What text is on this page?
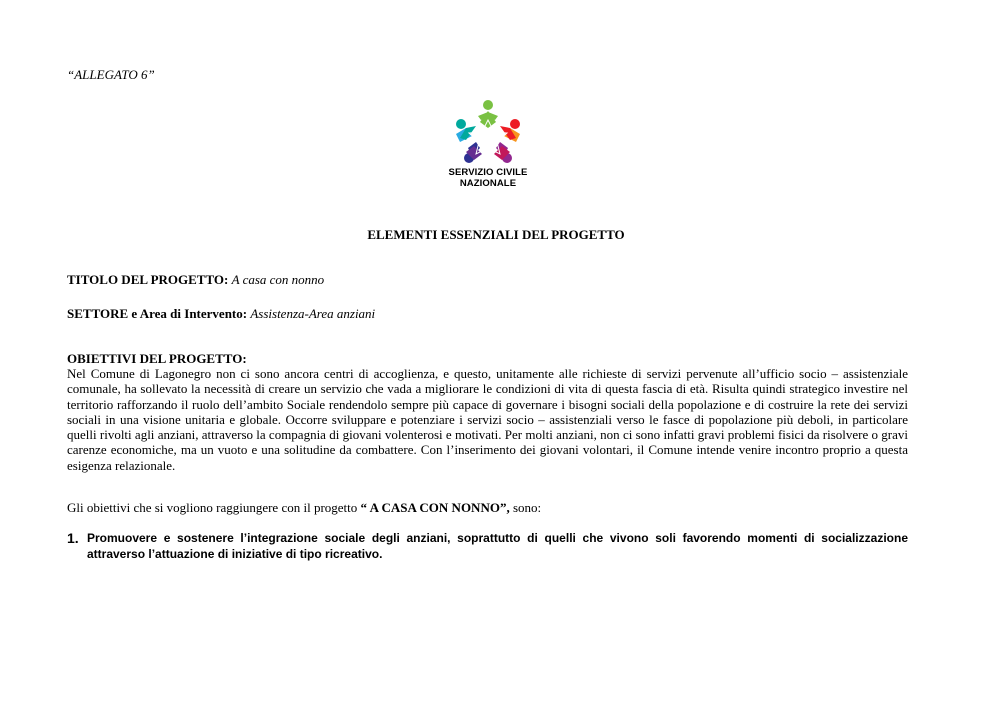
“ALLEGATO 6”
SERVIZIO CIVILE
NAZIONALE
ELEMENTI ESSENZIALI DEL PROGETTO
TITOLO DEL PROGETTO: A casa con nonno
SETTORE e Area di Intervento: Assistenza-Area anziani
OBIETTIVI DEL PROGETTO:
Nel Comune di Lagonegro non ci sono ancora centri di accoglienza, e questo, unitamente alle richieste di servizi pervenute all’ufficio socio – assistenziale comunale, ha sollevato la necessità di creare un servizio che vada a migliorare le condizioni di vita di questa fascia di età. Risulta quindi strategico investire nel territorio rafforzando il ruolo dell’ambito Sociale rendendolo sempre più capace di governare i bisogni sociali della popolazione e di costruire la rete dei servizi sociali in una visione unitaria e globale. Occorre sviluppare e potenziare i servizi socio – assistenziali verso le fasce di popolazione più deboli, in particolare quelli rivolti agli anziani, attraverso la compagnia di giovani volenterosi e motivati. Per molti anziani, non ci sono infatti gravi problemi fisici da risolvere o gravi carenze economiche, ma un vuoto e una solitudine da combattere. Con l’inserimento dei giovani volontari, il Comune intende venire incontro proprio a questa esigenza relazionale.
Gli obiettivi che si vogliono raggiungere con il progetto “ A CASA CON NONNO”, sono:
1. Promuovere e sostenere l’integrazione sociale degli anziani, soprattutto di quelli che vivono soli favorendo momenti di socializzazione attraverso l’attuazione di iniziative di tipo ricreativo.
